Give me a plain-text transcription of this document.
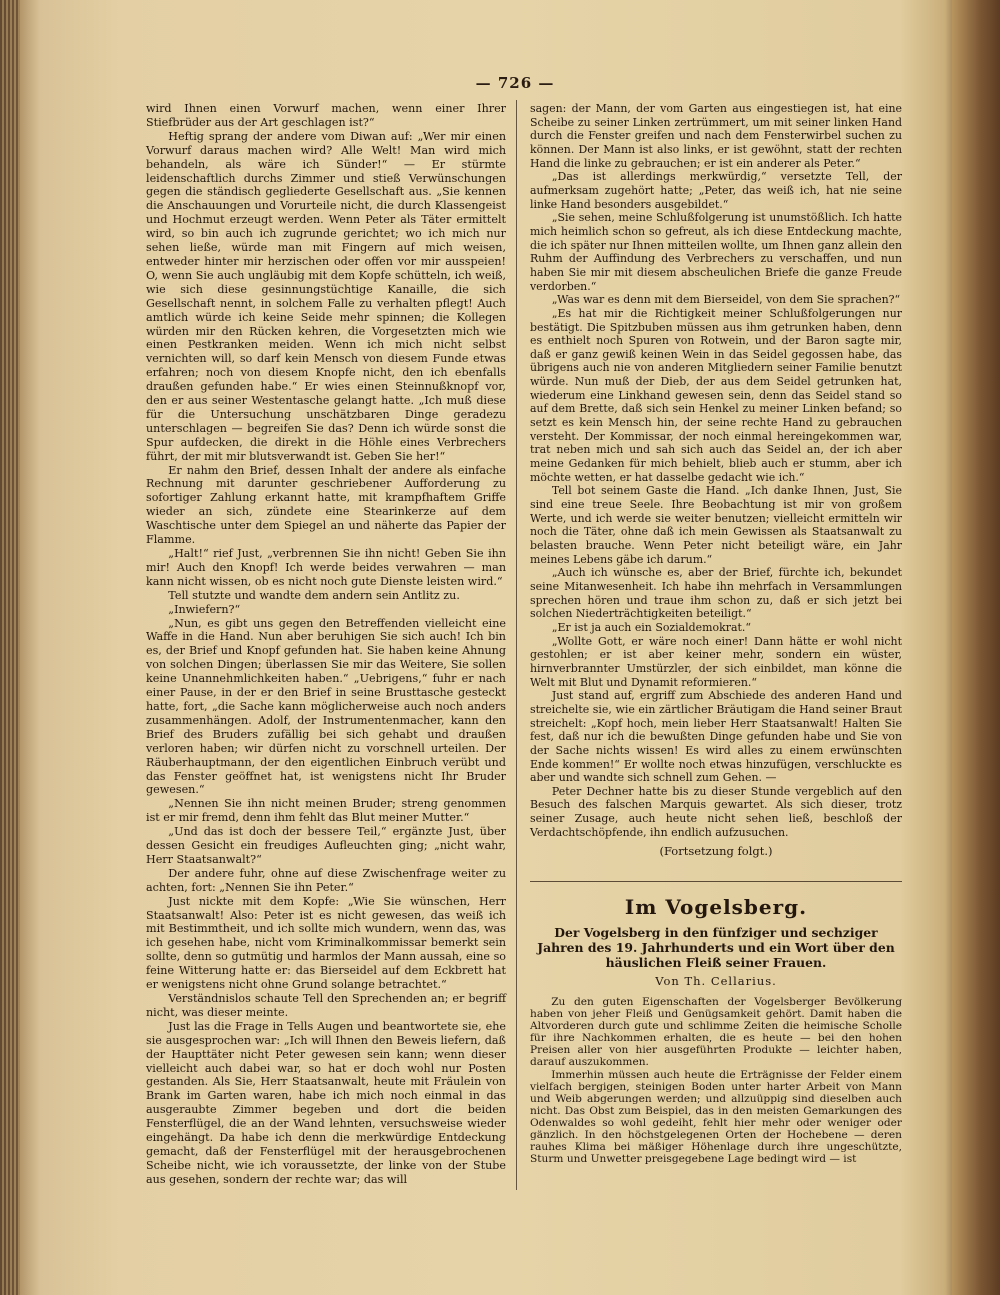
— 726 —

wird Ihnen einen Vorwurf machen, wenn einer Ihrer Stiefbrüder aus der Art geschlagen ist?“

Heftig sprang der andere vom Diwan auf: „Wer mir einen Vorwurf daraus machen wird? Alle Welt! Man wird mich behandeln, als wäre ich Sünder!“ — Er stürmte leidenschaftlich durchs Zimmer und stieß Verwünschungen gegen die ständisch gegliederte Gesellschaft aus. „Sie kennen die Anschauungen und Vorurteile nicht, die durch Klassengeist und Hochmut erzeugt werden. Wenn Peter als Täter ermittelt wird, so bin auch ich zugrunde gerichtet; wo ich mich nur sehen ließe, würde man mit Fingern auf mich weisen, entweder hinter mir herzischen oder offen vor mir ausspeien! O, wenn Sie auch ungläubig mit dem Kopfe schütteln, ich weiß, wie sich diese gesinnungstüchtige Kanaille, die sich Gesellschaft nennt, in solchem Falle zu verhalten pflegt! Auch amtlich würde ich keine Seide mehr spinnen; die Kollegen würden mir den Rücken kehren, die Vorgesetzten mich wie einen Pestkranken meiden. Wenn ich mich nicht selbst vernichten will, so darf kein Mensch von diesem Funde etwas erfahren; noch von diesem Knopfe nicht, den ich ebenfalls draußen gefunden habe.“ Er wies einen Steinnußknopf vor, den er aus seiner Westentasche gelangt hatte. „Ich muß diese für die Untersuchung unschätzbaren Dinge geradezu unterschlagen — begreifen Sie das? Denn ich würde sonst die Spur aufdecken, die direkt in die Höhle eines Verbrechers führt, der mit mir blutsverwandt ist. Geben Sie her!“

Er nahm den Brief, dessen Inhalt der andere als einfache Rechnung mit darunter geschriebener Aufforderung zu sofortiger Zahlung erkannt hatte, mit krampfhaftem Griffe wieder an sich, zündete eine Stearinkerze auf dem Waschtische unter dem Spiegel an und näherte das Papier der Flamme.

„Halt!“ rief Just, „verbrennen Sie ihn nicht! Geben Sie ihn mir! Auch den Knopf! Ich werde beides verwahren — man kann nicht wissen, ob es nicht noch gute Dienste leisten wird.“

Tell stutzte und wandte dem andern sein Antlitz zu.

„Inwiefern?“

„Nun, es gibt uns gegen den Betreffenden vielleicht eine Waffe in die Hand. Nun aber beruhigen Sie sich auch! Ich bin es, der Brief und Knopf gefunden hat. Sie haben keine Ahnung von solchen Dingen; überlassen Sie mir das Weitere, Sie sollen keine Unannehmlichkeiten haben.“ „Uebrigens,“ fuhr er nach einer Pause, in der er den Brief in seine Brusttasche gesteckt hatte, fort, „die Sache kann möglicherweise auch noch anders zusammenhängen. Adolf, der Instrumentenmacher, kann den Brief des Bruders zufällig bei sich gehabt und draußen verloren haben; wir dürfen nicht zu vorschnell urteilen. Der Räuberhauptmann, der den eigentlichen Einbruch verübt und das Fenster geöffnet hat, ist wenigstens nicht Ihr Bruder gewesen.“

„Nennen Sie ihn nicht meinen Bruder; streng genommen ist er mir fremd, denn ihm fehlt das Blut meiner Mutter.“

„Und das ist doch der bessere Teil,“ ergänzte Just, über dessen Gesicht ein freudiges Aufleuchten ging; „nicht wahr, Herr Staatsanwalt?“

Der andere fuhr, ohne auf diese Zwischenfrage weiter zu achten, fort: „Nennen Sie ihn Peter.“

Just nickte mit dem Kopfe: „Wie Sie wünschen, Herr Staatsanwalt! Also: Peter ist es nicht gewesen, das weiß ich mit Bestimmtheit, und ich sollte mich wundern, wenn das, was ich gesehen habe, nicht vom Kriminalkommissar bemerkt sein sollte, denn so gutmütig und harmlos der Mann aussah, eine so feine Witterung hatte er: das Bierseidel auf dem Eckbrett hat er wenigstens nicht ohne Grund solange betrachtet.“

Verständnislos schaute Tell den Sprechenden an; er begriff nicht, was dieser meinte.

Just las die Frage in Tells Augen und beantwortete sie, ehe sie ausgesprochen war: „Ich will Ihnen den Beweis liefern, daß der Haupttäter nicht Peter gewesen sein kann; wenn dieser vielleicht auch dabei war, so hat er doch wohl nur Posten gestanden. Als Sie, Herr Staatsanwalt, heute mit Fräulein von Brank im Garten waren, habe ich mich noch einmal in das ausgeraubte Zimmer begeben und dort die beiden Fensterflügel, die an der Wand lehnten, versuchsweise wieder eingehängt. Da habe ich denn die merkwürdige Entdeckung gemacht, daß der Fensterflügel mit der herausgebrochenen Scheibe nicht, wie ich voraussetzte, der linke von der Stube aus gesehen, sondern der rechte war; das will

sagen: der Mann, der vom Garten aus eingestiegen ist, hat eine Scheibe zu seiner Linken zertrümmert, um mit seiner linken Hand durch die Fenster greifen und nach dem Fensterwirbel suchen zu können. Der Mann ist also links, er ist gewöhnt, statt der rechten Hand die linke zu gebrauchen; er ist ein anderer als Peter.“

„Das ist allerdings merkwürdig,“ versetzte Tell, der aufmerksam zugehört hatte; „Peter, das weiß ich, hat nie seine linke Hand besonders ausgebildet.“

„Sie sehen, meine Schlußfolgerung ist unumstößlich. Ich hatte mich heimlich schon so gefreut, als ich diese Entdeckung machte, die ich später nur Ihnen mitteilen wollte, um Ihnen ganz allein den Ruhm der Auffindung des Verbrechers zu verschaffen, und nun haben Sie mir mit diesem abscheulichen Briefe die ganze Freude verdorben.“

„Was war es denn mit dem Bierseidel, von dem Sie sprachen?“

„Es hat mir die Richtigkeit meiner Schlußfolgerungen nur bestätigt. Die Spitzbuben müssen aus ihm getrunken haben, denn es enthielt noch Spuren von Rotwein, und der Baron sagte mir, daß er ganz gewiß keinen Wein in das Seidel gegossen habe, das übrigens auch nie von anderen Mitgliedern seiner Familie benutzt würde. Nun muß der Dieb, der aus dem Seidel getrunken hat, wiederum eine Linkhand gewesen sein, denn das Seidel stand so auf dem Brette, daß sich sein Henkel zu meiner Linken befand; so setzt es kein Mensch hin, der seine rechte Hand zu gebrauchen versteht. Der Kommissar, der noch einmal hereingekommen war, trat neben mich und sah sich auch das Seidel an, der ich aber meine Gedanken für mich behielt, blieb auch er stumm, aber ich möchte wetten, er hat dasselbe gedacht wie ich.“

Tell bot seinem Gaste die Hand. „Ich danke Ihnen, Just, Sie sind eine treue Seele. Ihre Beobachtung ist mir von großem Werte, und ich werde sie weiter benutzen; vielleicht ermitteln wir noch die Täter, ohne daß ich mein Gewissen als Staatsanwalt zu belasten brauche. Wenn Peter nicht beteiligt wäre, ein Jahr meines Lebens gäbe ich darum.“

„Auch ich wünsche es, aber der Brief, fürchte ich, bekundet seine Mitanwesenheit. Ich habe ihn mehrfach in Versammlungen sprechen hören und traue ihm schon zu, daß er sich jetzt bei solchen Niederträchtigkeiten beteiligt.“

„Er ist ja auch ein Sozialdemokrat.“

„Wollte Gott, er wäre noch einer! Dann hätte er wohl nicht gestohlen; er ist aber keiner mehr, sondern ein wüster, hirnverbrannter Umstürzler, der sich einbildet, man könne die Welt mit Blut und Dynamit reformieren.“

Just stand auf, ergriff zum Abschiede des anderen Hand und streichelte sie, wie ein zärtlicher Bräutigam die Hand seiner Braut streichelt: „Kopf hoch, mein lieber Herr Staatsanwalt! Halten Sie fest, daß nur ich die bewußten Dinge gefunden habe und Sie von der Sache nichts wissen! Es wird alles zu einem erwünschten Ende kommen!“ Er wollte noch etwas hinzufügen, verschluckte es aber und wandte sich schnell zum Gehen. —

Peter Dechner hatte bis zu dieser Stunde vergeblich auf den Besuch des falschen Marquis gewartet. Als sich dieser, trotz seiner Zusage, auch heute nicht sehen ließ, beschloß der Verdachtschöpfende, ihn endlich aufzusuchen.

(Fortsetzung folgt.)

Im Vogelsberg.
Der Vogelsberg in den fünfziger und sechziger Jahren des 19. Jahrhunderts und ein Wort über den häuslichen Fleiß seiner Frauen.
Von Th. Cellarius.

Zu den guten Eigenschaften der Vogelsberger Bevölkerung haben von jeher Fleiß und Genügsamkeit gehört. Damit haben die Altvorderen durch gute und schlimme Zeiten die heimische Scholle für ihre Nachkommen erhalten, die es heute — bei den hohen Preisen aller von hier ausgeführten Produkte — leichter haben, darauf auszukommen.

Immerhin müssen auch heute die Erträgnisse der Felder einem vielfach bergigen, steinigen Boden unter harter Arbeit von Mann und Weib abgerungen werden; und allzuüppig sind dieselben auch nicht. Das Obst zum Beispiel, das in den meisten Gemarkungen des Odenwaldes so wohl gedeiht, fehlt hier mehr oder weniger oder gänzlich. In den höchstgelegenen Orten der Hochebene — deren rauhes Klima bei mäßiger Höhenlage durch ihre ungeschützte, Sturm und Unwetter preisgegebene Lage bedingt wird — ist
